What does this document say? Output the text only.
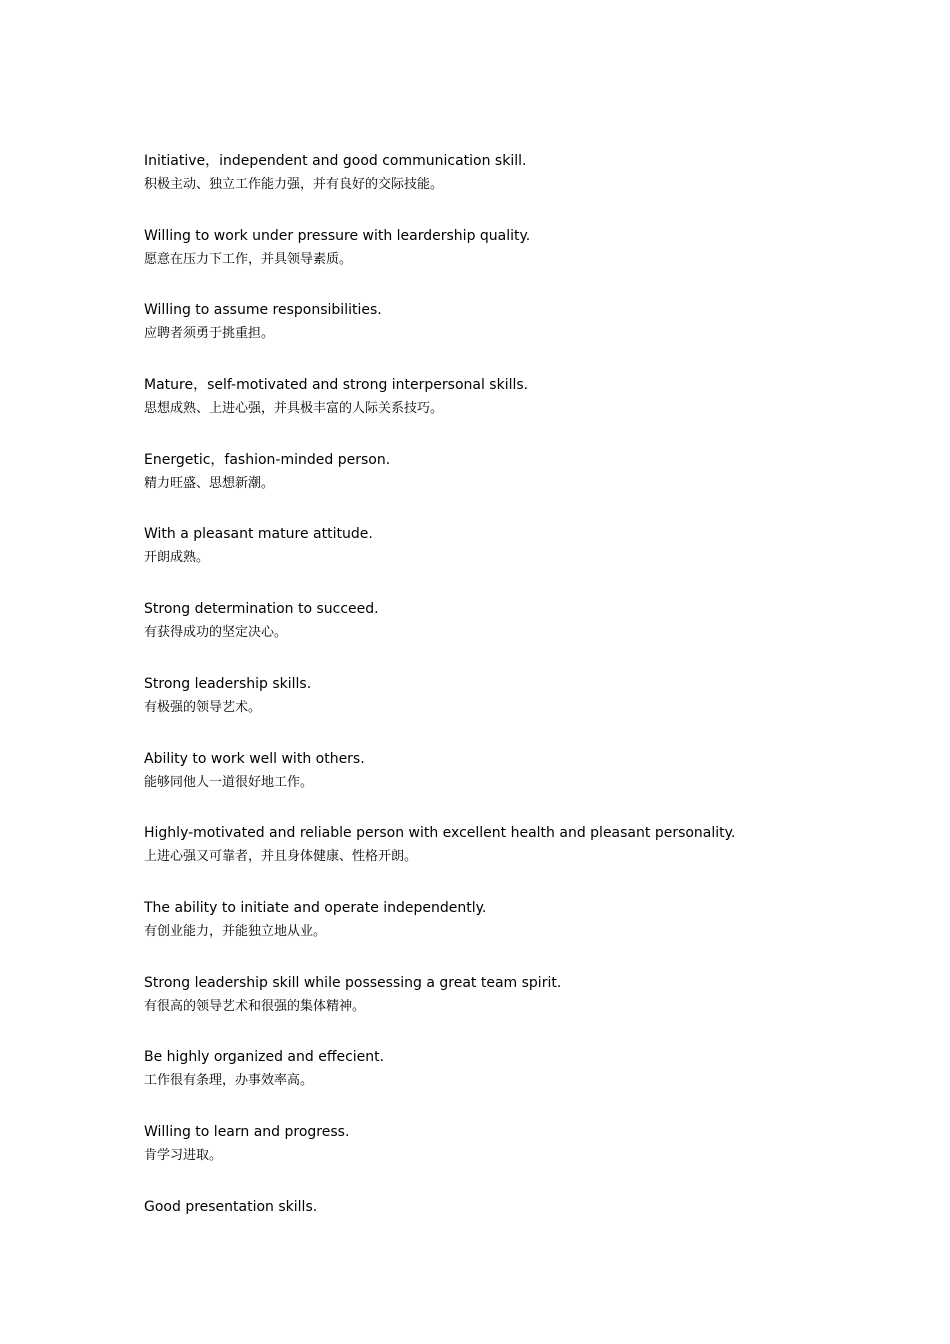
Initiative，independent and good communication skill.
积极主动、独立工作能力强，并有良好的交际技能。
Willing to work under pressure with leardership quality.
愿意在压力下工作，并具领导素质。
Willing to assume responsibilities.
应聘者须勇于挑重担。
Mature，self-motivated and strong interpersonal skills.
思想成熟、上进心强，并具极丰富的人际关系技巧。
Energetic，fashion-minded person.
精力旺盛、思想新潮。
With a pleasant mature attitude.
开朗成熟。
Strong determination to succeed.
有获得成功的坚定决心。
Strong leadership skills.
有极强的领导艺术。
Ability to work well with others.
能够同他人一道很好地工作。
Highly-motivated and reliable person with excellent health and pleasant personality.
上进心强又可靠者，并且身体健康、性格开朗。
The ability to initiate and operate independently.
有创业能力，并能独立地从业。
Strong leadership skill while possessing a great team spirit.
有很高的领导艺术和很强的集体精神。
Be highly organized and effecient.
工作很有条理，办事效率高。
Willing to learn and progress.
肯学习进取。
Good presentation skills.
